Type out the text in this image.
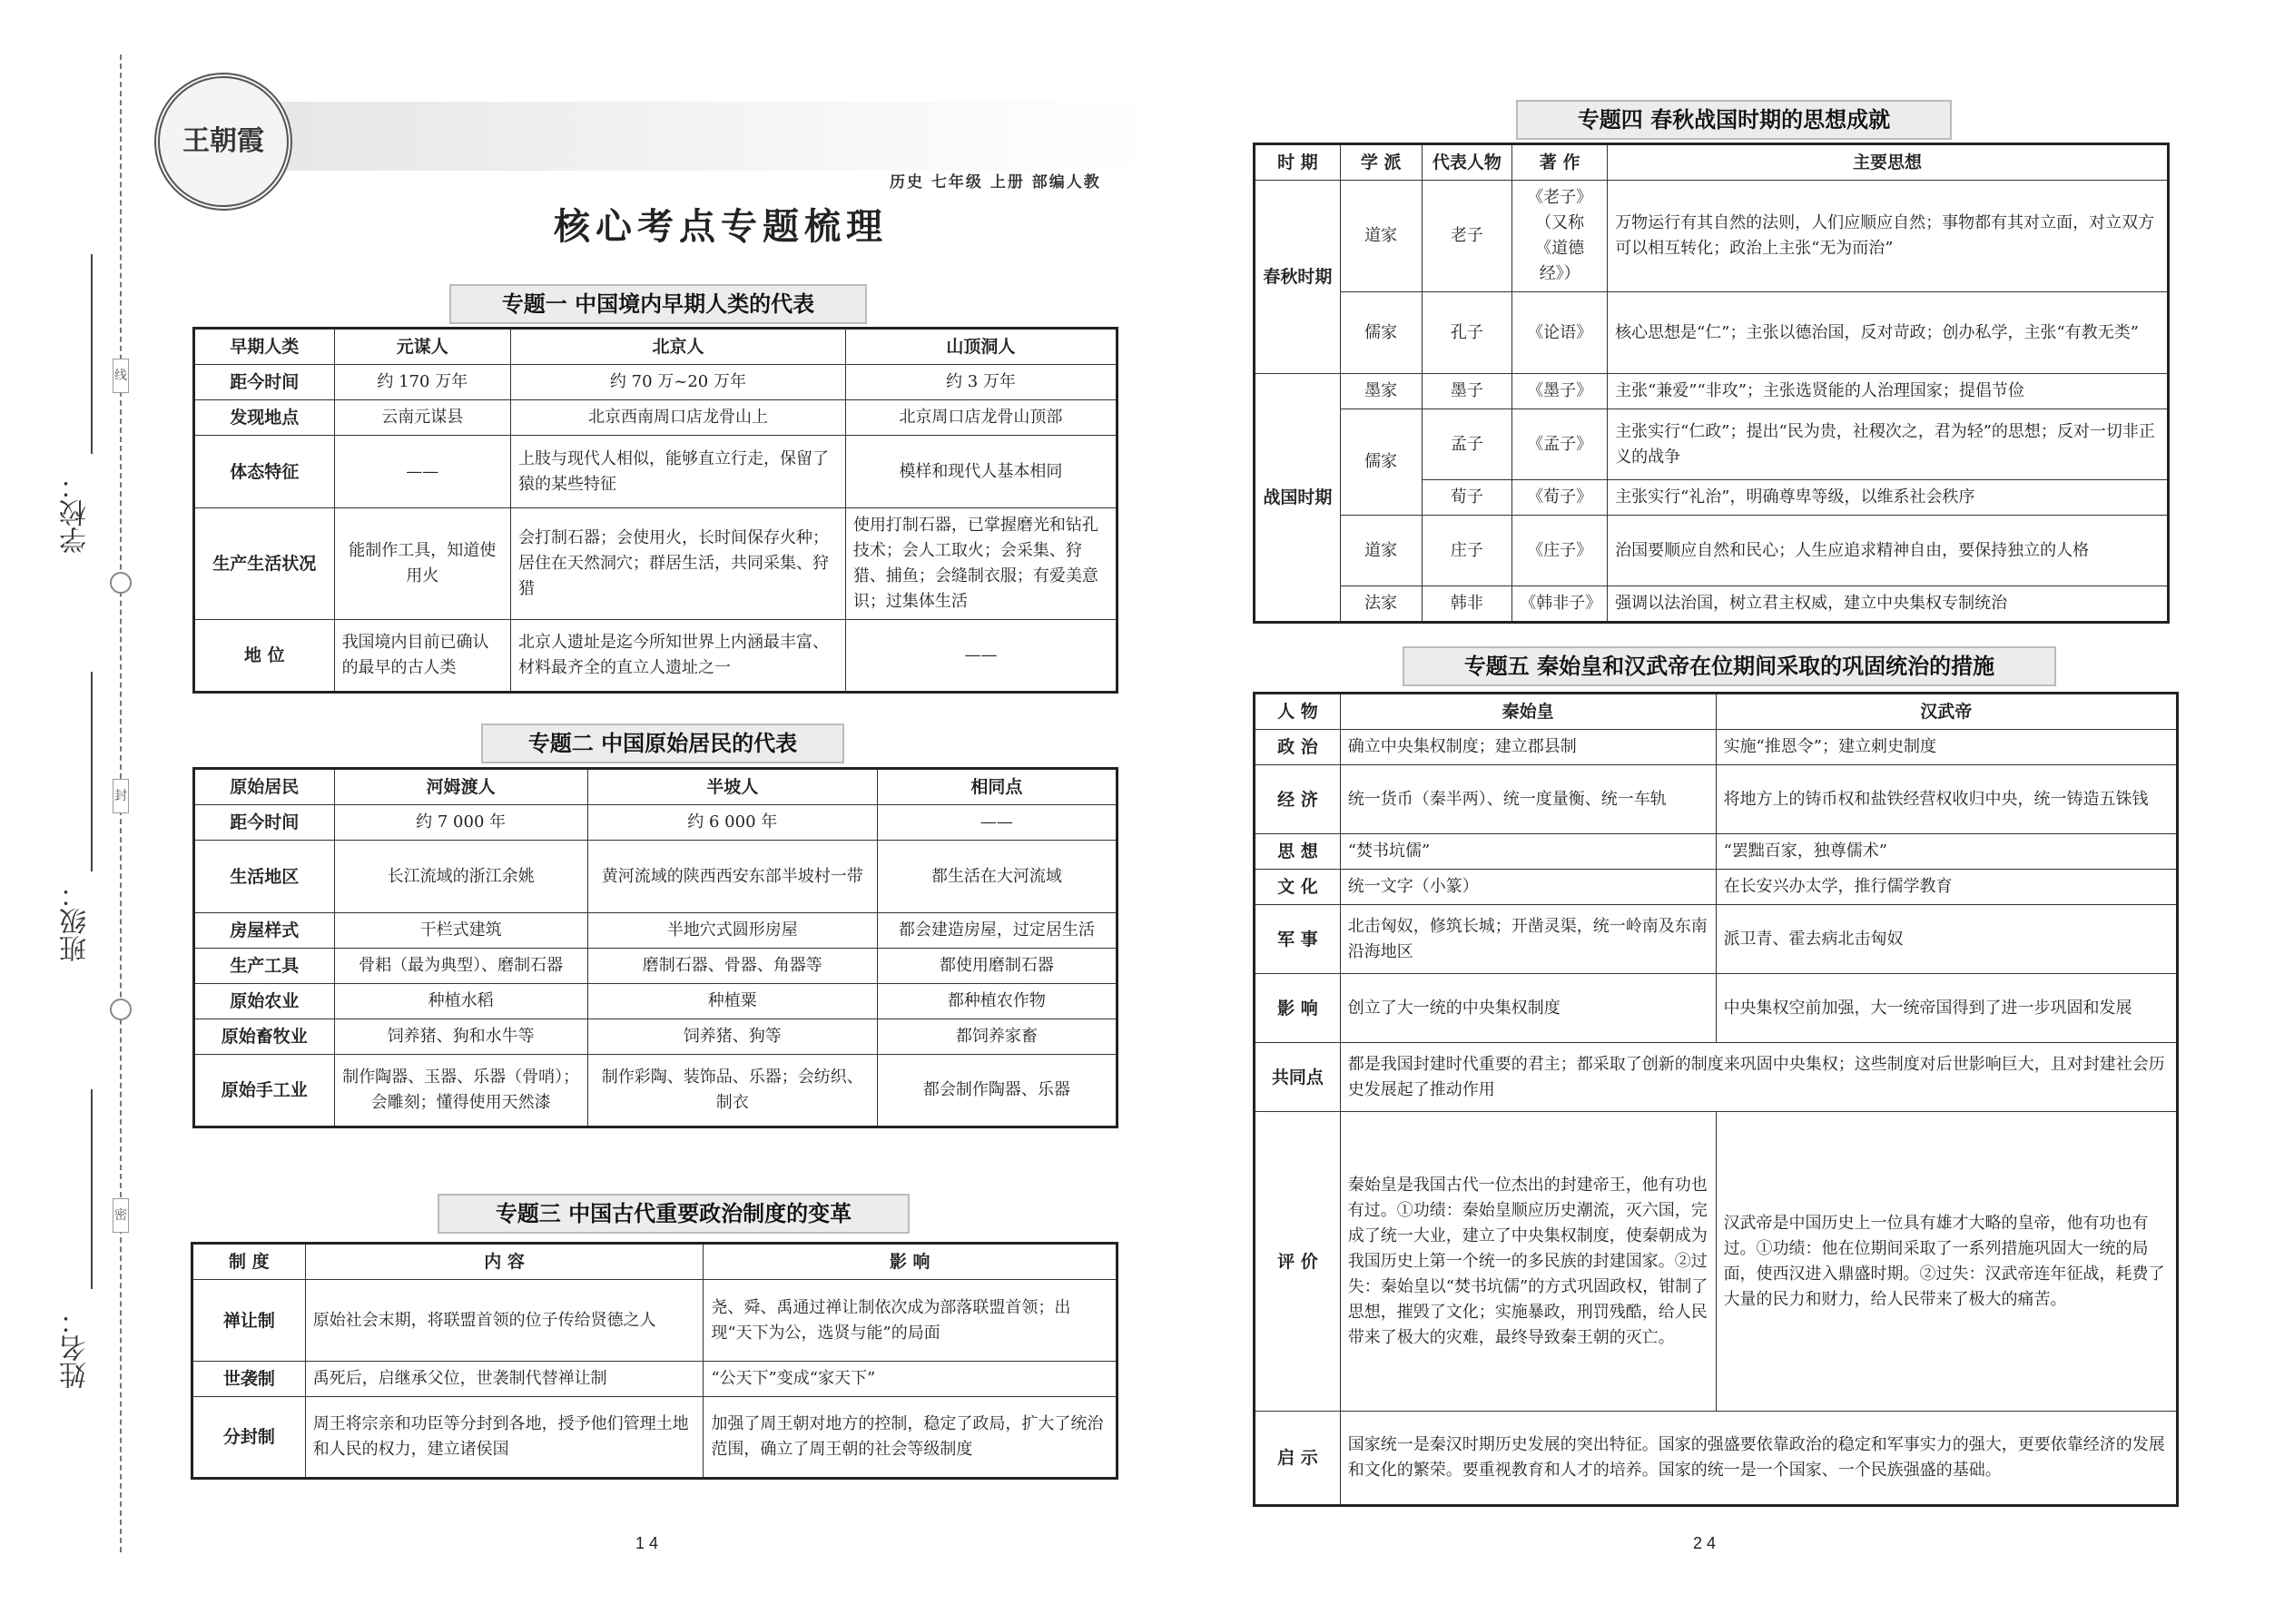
线
封
密
学校：
班级：
姓名：
王朝霞
历史 七年级 上册 部编人教
核心考点专题梳理
专题一 中国境内早期人类的代表
早期人类	元谋人	北京人	山顶洞人
距今时间	约 170 万年	约 70 万~20 万年	约 3 万年
发现地点	云南元谋县	北京西南周口店龙骨山上	北京周口店龙骨山顶部
体态特征	——	上肢与现代人相似，能够直立行走，保留了猿的某些特征	模样和现代人基本相同
生产生活状况	能制作工具，知道使用火	会打制石器；会使用火，长时间保存火种；居住在天然洞穴；群居生活，共同采集、狩猎	使用打制石器，已掌握磨光和钻孔技术；会人工取火；会采集、狩猎、捕鱼；会缝制衣服；有爱美意识；过集体生活
地 位	我国境内目前已确认的最早的古人类	北京人遗址是迄今所知世界上内涵最丰富、材料最齐全的直立人遗址之一	——
专题二 中国原始居民的代表
原始居民	河姆渡人	半坡人	相同点
距今时间	约 7 000 年	约 6 000 年	——
生活地区	长江流域的浙江余姚	黄河流域的陕西西安东部半坡村一带	都生活在大河流域
房屋样式	干栏式建筑	半地穴式圆形房屋	都会建造房屋，过定居生活
生产工具	骨耜（最为典型）、磨制石器	磨制石器、骨器、角器等	都使用磨制石器
原始农业	种植水稻	种植粟	都种植农作物
原始畜牧业	饲养猪、狗和水牛等	饲养猪、狗等	都饲养家畜
原始手工业	制作陶器、玉器、乐器（骨哨）；会雕刻；懂得使用天然漆	制作彩陶、装饰品、乐器；会纺织、制衣	都会制作陶器、乐器
专题三 中国古代重要政治制度的变革
制 度	内 容	影 响
禅让制	原始社会末期，将联盟首领的位子传给贤德之人	尧、舜、禹通过禅让制依次成为部落联盟首领；出现“天下为公，选贤与能”的局面
世袭制	禹死后，启继承父位，世袭制代替禅让制	“公天下”变成“家天下”
分封制	周王将宗亲和功臣等分封到各地，授予他们管理土地和人民的权力，建立诸侯国	加强了周王朝对地方的控制，稳定了政局，扩大了统治范围，确立了周王朝的社会等级制度
1 4
专题四 春秋战国时期的思想成就
时 期	学 派	代表人物	著 作	主要思想
春秋时期	道家	老子	《老子》（又称《道德经》）	万物运行有其自然的法则，人们应顺应自然；事物都有其对立面，对立双方可以相互转化；政治上主张“无为而治”
	儒家	孔子	《论语》	核心思想是“仁”；主张以德治国，反对苛政；创办私学，主张“有教无类”
战国时期	墨家	墨子	《墨子》	主张“兼爱”“非攻”；主张选贤能的人治理国家；提倡节俭
	儒家	孟子	《孟子》	主张实行“仁政”；提出“民为贵，社稷次之，君为轻”的思想；反对一切非正义的战争
		荀子	《荀子》	主张实行“礼治”，明确尊卑等级，以维系社会秩序
	道家	庄子	《庄子》	治国要顺应自然和民心；人生应追求精神自由，要保持独立的人格
	法家	韩非	《韩非子》	强调以法治国，树立君主权威，建立中央集权专制统治
专题五 秦始皇和汉武帝在位期间采取的巩固统治的措施
人 物	秦始皇	汉武帝
政 治	确立中央集权制度；建立郡县制	实施“推恩令”；建立刺史制度
经 济	统一货币（秦半两）、统一度量衡、统一车轨	将地方上的铸币权和盐铁经营权收归中央，统一铸造五铢钱
思 想	“焚书坑儒”	“罢黜百家，独尊儒术”
文 化	统一文字（小篆）	在长安兴办太学，推行儒学教育
军 事	北击匈奴，修筑长城；开凿灵渠，统一岭南及东南沿海地区	派卫青、霍去病北击匈奴
影 响	创立了大一统的中央集权制度	中央集权空前加强，大一统帝国得到了进一步巩固和发展
共同点	都是我国封建时代重要的君主；都采取了创新的制度来巩固中央集权；这些制度对后世影响巨大，且对封建社会历史发展起了推动作用	
评 价	秦始皇是我国古代一位杰出的封建帝王，他有功也有过。①功绩：秦始皇顺应历史潮流，灭六国，完成了统一大业，建立了中央集权制度，使秦朝成为我国历史上第一个统一的多民族的封建国家。②过失：秦始皇以“焚书坑儒”的方式巩固政权，钳制了思想，摧毁了文化；实施暴政，刑罚残酷，给人民带来了极大的灾难，最终导致秦王朝的灭亡。	汉武帝是中国历史上一位具有雄才大略的皇帝，他有功也有过。①功绩：他在位期间采取了一系列措施巩固大一统的局面，使西汉进入鼎盛时期。②过失：汉武帝连年征战，耗费了大量的民力和财力，给人民带来了极大的痛苦。
启 示	国家统一是秦汉时期历史发展的突出特征。国家的强盛要依靠政治的稳定和军事实力的强大，更要依靠经济的发展和文化的繁荣。要重视教育和人才的培养。国家的统一是一个国家、一个民族强盛的基础。	
2 4
